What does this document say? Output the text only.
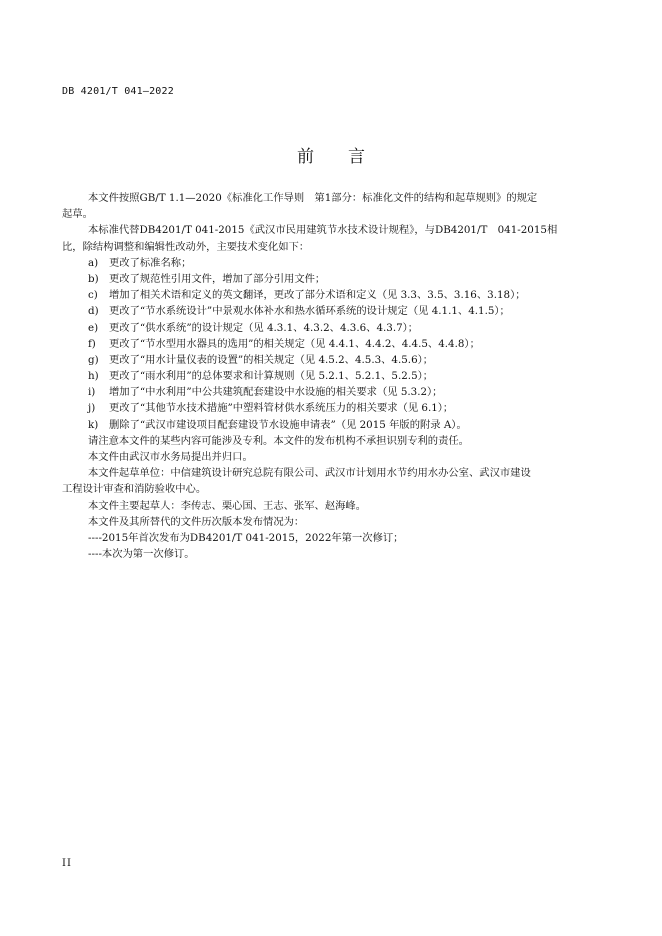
DB 4201/T 041—2022
前言
本文件按照GB/T 1.1—2020《标准化工作导则　第1部分：标准化文件的结构和起草规则》的规定
起草。
本标准代替DB4201/T 041-2015《武汉市民用建筑节水技术设计规程》，与DB4201/T　041-2015相
比，除结构调整和编辑性改动外，主要技术变化如下：
a)	更改了标准名称；
b)	更改了规范性引用文件，增加了部分引用文件；
c)	增加了相关术语和定义的英文翻译，更改了部分术语和定义（见 3.3、3.5、3.16、3.18）；
d)	更改了“节水系统设计”中景观水体补水和热水循环系统的设计规定（见 4.1.1、4.1.5）；
e)	更改了“供水系统”的设计规定（见 4.3.1、4.3.2、4.3.6、4.3.7）；
f)	更改了“节水型用水器具的选用”的相关规定（见 4.4.1、4.4.2、4.4.5、4.4.8）；
g)	更改了“用水计量仪表的设置”的相关规定（见 4.5.2、4.5.3、4.5.6）；
h)	更改了“雨水利用”的总体要求和计算规则（见 5.2.1、5.2.1、5.2.5）；
i)	增加了“中水利用”中公共建筑配套建设中水设施的相关要求（见 5.3.2）；
j)	更改了“其他节水技术措施”中塑料管材供水系统压力的相关要求（见 6.1）；
k)	删除了“武汉市建设项目配套建设节水设施申请表”（见 2015 年版的附录 A）。
请注意本文件的某些内容可能涉及专利。本文件的发布机构不承担识别专利的责任。
本文件由武汉市水务局提出并归口。
本文件起草单位：中信建筑设计研究总院有限公司、武汉市计划用水节约用水办公室、武汉市建设
工程设计审查和消防验收中心。
本文件主要起草人：李传志、栗心国、王志、张军、赵海峰。
本文件及其所替代的文件历次版本发布情况为：
----2015年首次发布为DB4201/T 041-2015，2022年第一次修订；
----本次为第一次修订。
II
